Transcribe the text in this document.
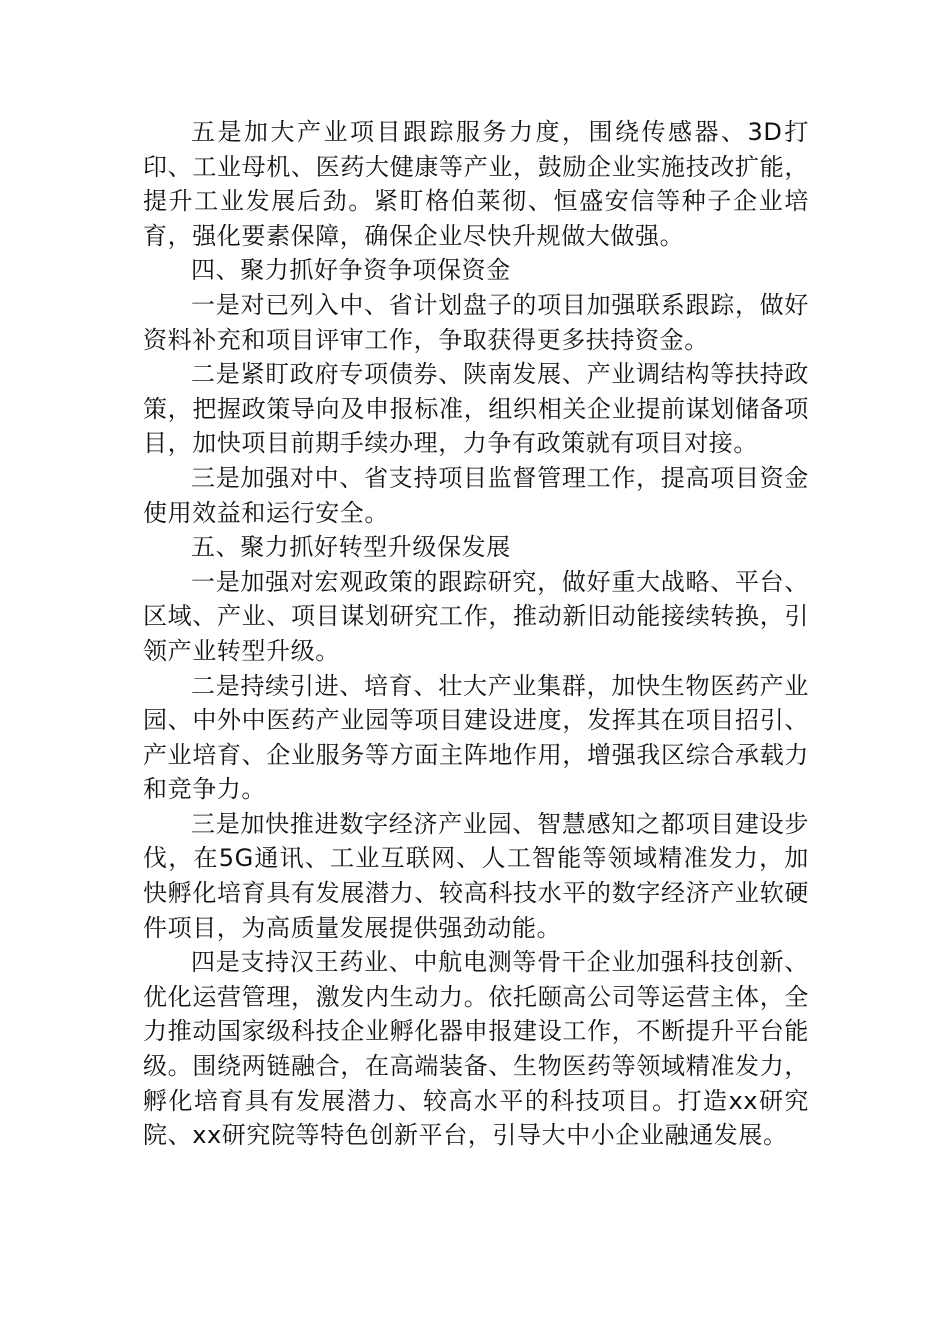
五是加大产业项目跟踪服务力度，围绕传感器、3D打印、工业母机、医药大健康等产业，鼓励企业实施技改扩能，提升工业发展后劲。紧盯格伯莱彻、恒盛安信等种子企业培育，强化要素保障，确保企业尽快升规做大做强。

四、聚力抓好争资争项保资金

一是对已列入中、省计划盘子的项目加强联系跟踪，做好资料补充和项目评审工作，争取获得更多扶持资金。

二是紧盯政府专项债券、陕南发展、产业调结构等扶持政策，把握政策导向及申报标准，组织相关企业提前谋划储备项目，加快项目前期手续办理，力争有政策就有项目对接。

三是加强对中、省支持项目监督管理工作，提高项目资金使用效益和运行安全。

五、聚力抓好转型升级保发展

一是加强对宏观政策的跟踪研究，做好重大战略、平台、区域、产业、项目谋划研究工作，推动新旧动能接续转换，引领产业转型升级。

二是持续引进、培育、壮大产业集群，加快生物医药产业园、中外中医药产业园等项目建设进度，发挥其在项目招引、产业培育、企业服务等方面主阵地作用，增强我区综合承载力和竞争力。

三是加快推进数字经济产业园、智慧感知之都项目建设步伐，在5G通讯、工业互联网、人工智能等领域精准发力，加快孵化培育具有发展潜力、较高科技水平的数字经济产业软硬件项目，为高质量发展提供强劲动能。

四是支持汉王药业、中航电测等骨干企业加强科技创新、优化运营管理，激发内生动力。依托颐高公司等运营主体，全力推动国家级科技企业孵化器申报建设工作，不断提升平台能级。围绕两链融合，在高端装备、生物医药等领域精准发力，孵化培育具有发展潜力、较高水平的科技项目。打造xx研究院、xx研究院等特色创新平台，引导大中小企业融通发展。
